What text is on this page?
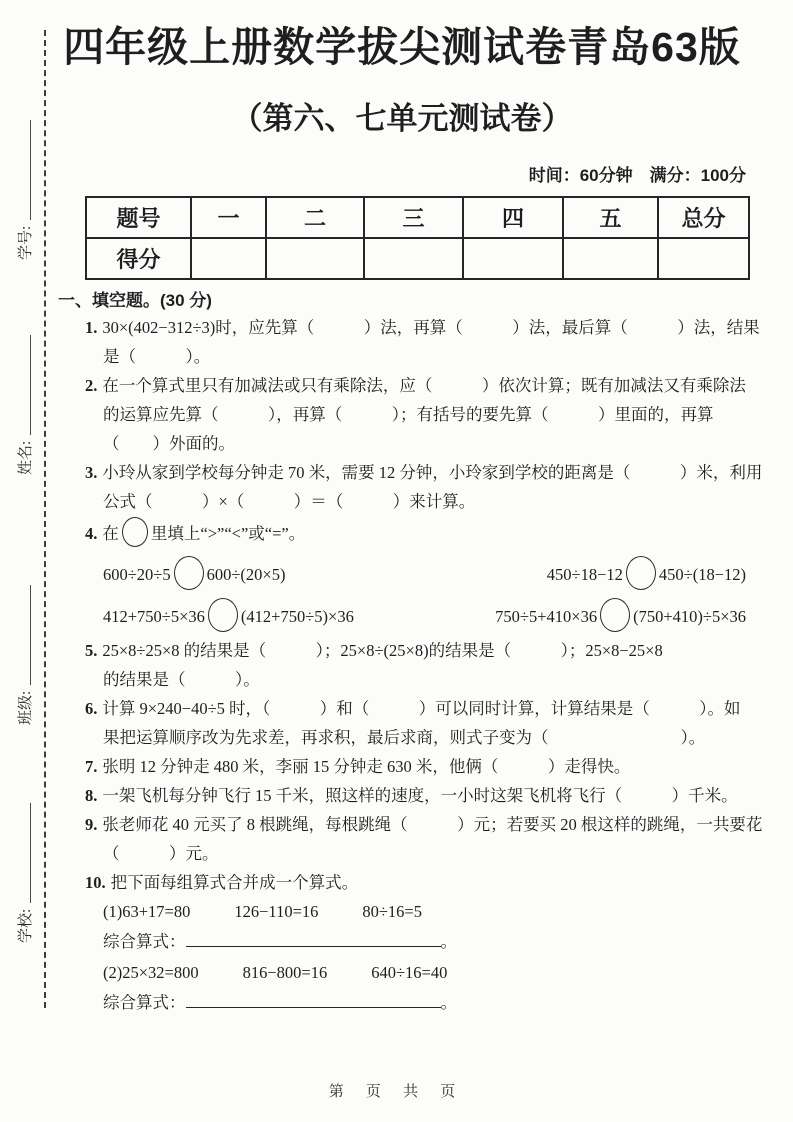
学号:
姓名:
班级:
学校:
四年级上册数学拔尖测试卷青岛63版
（第六、七单元测试卷）
时间：60分钟　满分：100分
题号	一	二	三	四	五	总分
得分						
一、填空题。(30 分)
1. 30×(402−312÷3)时，应先算（　　　）法，再算（　　　）法，最后算（　　　）法，结果
是（　　　）。
2. 在一个算式里只有加减法或只有乘除法，应（　　　）依次计算；既有加减法又有乘除法
的运算应先算（　　　），再算（　　　）；有括号的要先算（　　　）里面的，再算
（　　）外面的。
3. 小玲从家到学校每分钟走 70 米，需要 12 分钟，小玲家到学校的距离是（　　　）米，利用
公式（　　　）×（　　　）＝（　　　）来计算。
4. 在 里填上“>”“<”或“=”。
600÷20÷5 600÷(20×5)	450÷18−12 450÷(18−12)
412+750÷5×36 (412+750÷5)×36	750÷5+410×36 (750+410)÷5×36
5. 25×8÷25×8 的结果是（　　　）；25×8÷(25×8)的结果是（　　　）；25×8−25×8
的结果是（　　　）。
6. 计算 9×240−40÷5 时，（　　　）和（　　　）可以同时计算，计算结果是（　　　）。如
果把运算顺序改为先求差，再求积，最后求商，则式子变为（　　　　　　　　）。
7. 张明 12 分钟走 480 米，李丽 15 分钟走 630 米，他俩（　　　）走得快。
8. 一架飞机每分钟飞行 15 千米，照这样的速度，一小时这架飞机将飞行（　　　）千米。
9. 张老师花 40 元买了 8 根跳绳，每根跳绳（　　　）元；若要买 20 根这样的跳绳，一共要花
（　　　）元。
10. 把下面每组算式合并成一个算式。
(1)63+17=80	126−110=16	80÷16=5
综合算式：	。
(2)25×32=800	816−800=16	640÷16=40
综合算式：	。
第 页 共 页
